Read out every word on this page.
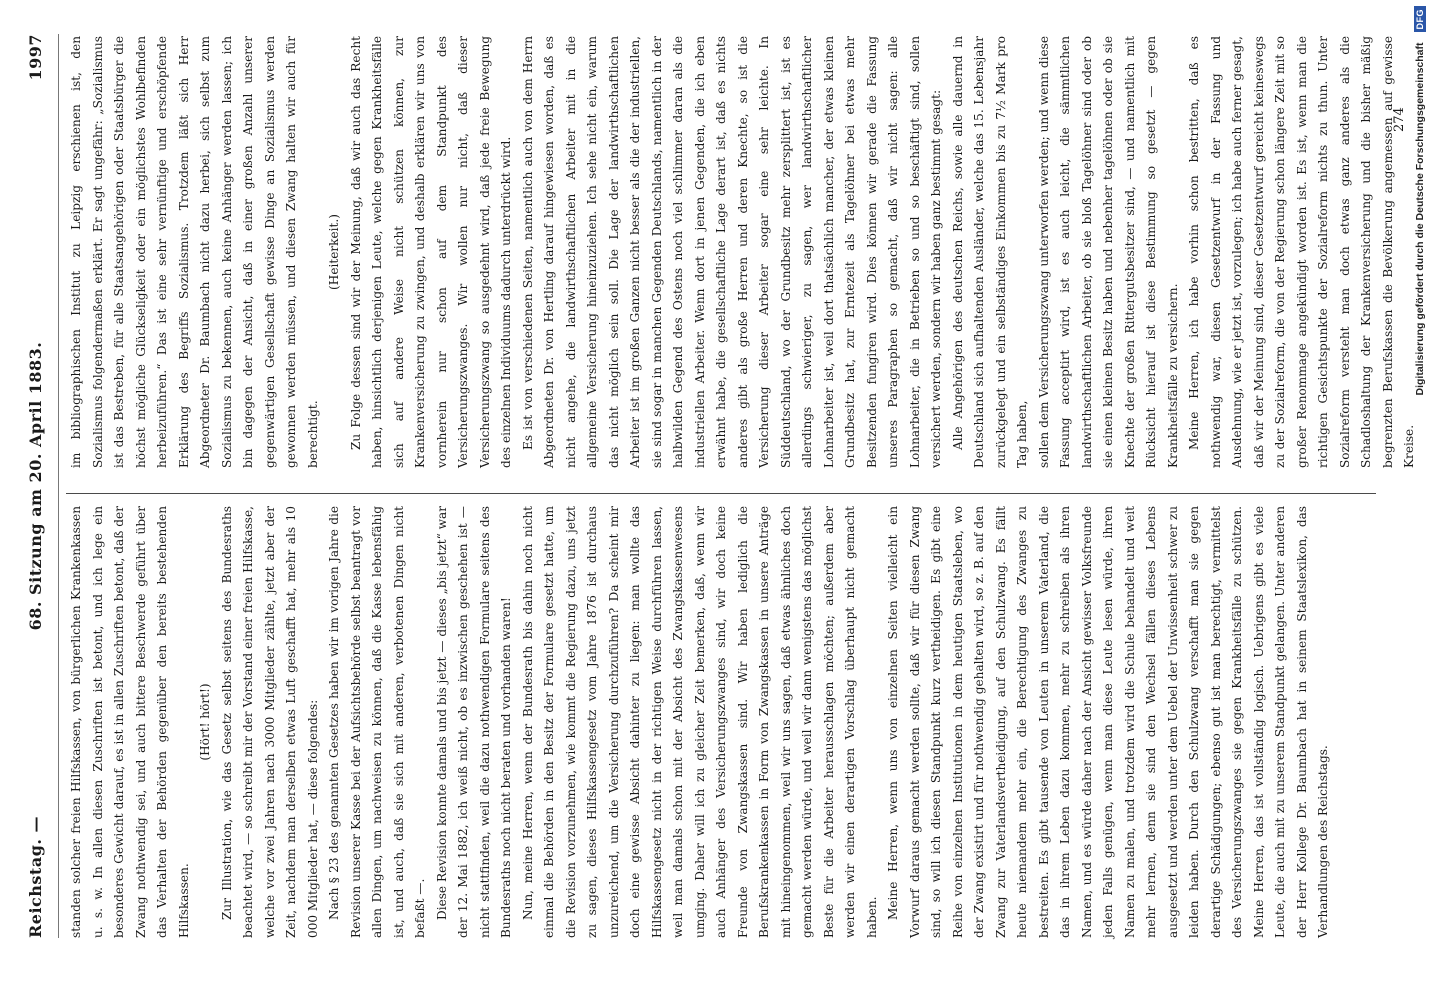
Reichstag. —
68. Sitzung am 20. April 1883.
1997

standen solcher freien Hilfskassen, von bürgerlichen Krankenkassen u. s. w. In allen diesen Zuschriften ist betont, und ich lege ein besonderes Gewicht darauf, es ist in allen Zuschriften betont, daß der Zwang nothwendig sei, und auch bittere Beschwerde geführt über das Verhalten der Behörden gegenüber den bereits bestehenden Hilfskassen.

(Hört! hört!) Zur Illustration, wie das Gesetz selbst seitens des Bundesraths beachtet wird, — so schreibt mir der Vorstand einer freien Hilfskasse, welche vor zwei Jahren nach 3000 Mitglieder zählte, jetzt aber der Zeit, nachdem man derselben etwas Luft geschafft hat, mehr als 10 000 Mitglieder hat, — diese folgendes: Nach § 23 des genannten Gesetzes haben wir im vorigen Jahre die Revision unserer Kasse bei der Aufsichtsbehörde selbst beantragt vor allen Dingen, um nachweisen zu können, daß die Kasse lebensfähig ist, und auch, daß sie sich mit anderen, verbotenen Dingen nicht befaßt —. Diese Revision konnte damals und bis jetzt — dieses „bis jetzt“ war der 12. Mai 1882, ich weiß nicht, ob es inzwischen geschehen ist — nicht stattfinden, weil die dazu nothwendigen Formulare seitens des Bundesraths noch nicht beraten und vorhanden waren! Nun, meine Herren, wenn der Bundesrath bis dahin noch nicht einmal die Behörden in den Besitz der Formulare gesetzt hatte, um die Revision vorzunehmen, wie kommt die Regierung dazu, uns jetzt zu sagen, dieses Hilfskassengesetz vom Jahre 1876 ist durchaus unzureichend, um die Versicherung durchzuführen? Da scheint mir doch eine gewisse Absicht dahinter zu liegen: man wollte das Hilfskassengesetz nicht in der richtigen Weise durchführen lassen, weil man damals schon mit der Absicht des Zwangskassenwesens umging. Daher will ich zu gleicher Zeit bemerken, daß, wenn wir auch Anhänger des Versicherungszwanges sind, wir doch keine Freunde von Zwangskassen sind. Wir haben lediglich die Berufskrankenkassen in Form von Zwangskassen in unsere Anträge mit hineingenommen, weil wir uns sagen, daß etwas ähnliches doch gemacht werden würde, und weil wir dann wenigstens das möglichst Beste für die Arbeiter herausschlagen möchten; außerdem aber werden wir einen derartigen Vorschlag überhaupt nicht gemacht haben. Meine Herren, wenn uns von einzelnen Seiten vielleicht ein Vorwurf daraus gemacht werden sollte, daß wir für diesen Zwang sind, so will ich diesen Standpunkt kurz vertheidigen. Es gibt eine Reihe von einzelnen Institutionen in dem heutigen Staatsleben, wo der Zwang existirt und für nothwendig gehalten wird, so z. B. auf den Zwang zur Vaterlandsvertheidigung, auf den Schulzwang. Es fällt heute niemandem mehr ein, die Berechtigung des Zwanges zu bestreiten. Es gibt tausende von Leuten in unserem Vaterland, die das in ihrem Leben dazu kommen, mehr zu schreiben als ihren Namen, und es würde daher nach der Ansicht gewisser Volksfreunde jeden Falls genügen, wenn man diese Leute lesen würde, ihren Namen zu malen, und trotzdem wird die Schule behandelt und weit mehr lernen, denn sie sind den Wechsel fällen dieses Lebens ausgesetzt und werden unter dem Uebel der Unwissenheit schwer zu leiden haben. Durch den Schulzwang verschafft man sie gegen derartige Schädigungen; ebenso gut ist man berechtigt, vermittelst des Versicherungszwanges sie gegen Krankheitsfälle zu schützen. Meine Herren, das ist vollständig logisch. Uebrigens gibt es viele Leute, die auch mit zu unserem Standpunkt gelangen. Unter anderen der Herr Kollege Dr. Baumbach hat in seinem Staatslexikon, das Verhandlungen des Reichstags.

im bibliographischen Institut zu Leipzig erschienen ist, den Sozialismus folgendermaßen erklärt. Er sagt ungefähr: „Sozialismus ist das Bestreben, für alle Staatsangehörigen oder Staatsbürger die höchst mögliche Glückseligkeit oder ein möglichstes Wohlbefinden herbeizuführen.“ Das ist eine sehr vernünftige und erschöpfende Erklärung des Begriffs Sozialismus. Trotzdem läßt sich Herr Abgeordneter Dr. Baumbach nicht dazu herbei, sich selbst zum Sozialismus zu bekennen, auch keine Anhänger werden lassen; ich bin dagegen der Ansicht, daß in einer großen Anzahl unserer gegenwärtigen Gesellschaft gewisse Dinge an Sozialismus werden gewonnen werden müssen, und diesen Zwang halten wir auch für berechtigt.

(Heiterkeit.) Zu Folge dessen sind wir der Meinung, daß wir auch das Recht haben, hinsichtlich derjenigen Leute, welche gegen Krankheitsfälle sich auf andere Weise nicht schützen können, zur Krankenversicherung zu zwingen, und deshalb erklären wir uns von vornherein nur schon auf dem Standpunkt des Versicherungszwanges. Wir wollen nur nicht, daß dieser Versicherungszwang so ausgedehnt wird, daß jede freie Bewegung des einzelnen Individuums dadurch unterdrückt wird. Es ist von verschiedenen Seiten, namentlich auch von dem Herrn Abgeordneten Dr. von Hertling darauf hingewiesen worden, daß es nicht angehe, die landwirthschaftlichen Arbeiter mit in die allgemeine Versicherung hineinzuziehen. Ich sehe nicht ein, warum das nicht möglich sein soll. Die Lage der landwirthschaftlichen Arbeiter ist im großen Ganzen nicht besser als die der industriellen, sie sind sogar in manchen Gegenden Deutschlands, namentlich in der halbwilden Gegend des Ostens noch viel schlimmer daran als die industriellen Arbeiter. Wenn dort in jenen Gegenden, die ich eben erwähnt habe, die gesellschaftliche Lage derart ist, daß es nichts anderes gibt als große Herren und deren Knechte, so ist die Versicherung dieser Arbeiter sogar eine sehr leichte. In Süddeutschland, wo der Grundbesitz mehr zersplittert ist, ist es allerdings schwieriger, zu sagen, wer landwirthschaftlicher Lohnarbeiter ist, weil dort thatsächlich mancher, der etwas kleinen Grundbesitz hat, zur Erntezeit als Tagelöhner bei etwas mehr Besitzenden fungiren wird. Dies können wir gerade die Fassung unseres Paragraphen so gemacht, daß wir nicht sagen: alle Lohnarbeiter, die in Betrieben so und so beschäftigt sind, sollen versichert werden, sondern wir haben ganz bestimmt gesagt: Alle Angehörigen des deutschen Reichs, sowie alle dauernd in Deutschland sich aufhaltenden Ausländer, welche das 15. Lebensjahr zurückgelegt und ein selbständiges Einkommen bis zu 7½ Mark pro Tag haben, sollen dem Versicherungszwang unterworfen werden; und wenn diese Fassung acceptirt wird, ist es auch leicht, die sämmtlichen landwirthschaftlichen Arbeiter, ob sie bloß Tagelöhner sind oder ob sie einen kleinen Besitz haben und nebenher tagelöhnen oder ob sie Knechte der großen Rittergutsbesitzer sind, — und namentlich mit Rücksicht hierauf ist diese Bestimmung so gesetzt — gegen Krankheitsfälle zu versichern. Meine Herren, ich habe vorhin schon bestritten, daß es nothwendig war, diesen Gesetzentwurf in der Fassung und Ausdehnung, wie er jetzt ist, vorzulegen; ich habe auch ferner gesagt, daß wir der Meinung sind, dieser Gesetzentwurf gereicht keineswegs zu der Sozialreform, die von der Regierung schon längere Zeit mit so großer Renommage angekündigt worden ist. Es ist, wenn man die richtigen Gesichtspunkte der Sozialreform nichts zu thun. Unter Sozialreform versteht man doch etwas ganz anderes als die Schadloshaltung der Krankenversicherung und die bisher mäßig begrenzten Berufskassen die Bevölkerung angemessen auf gewisse Kreise.

274 Digitalisierung gefördert durch die Deutsche Forschungsgemeinschaft
DFG
